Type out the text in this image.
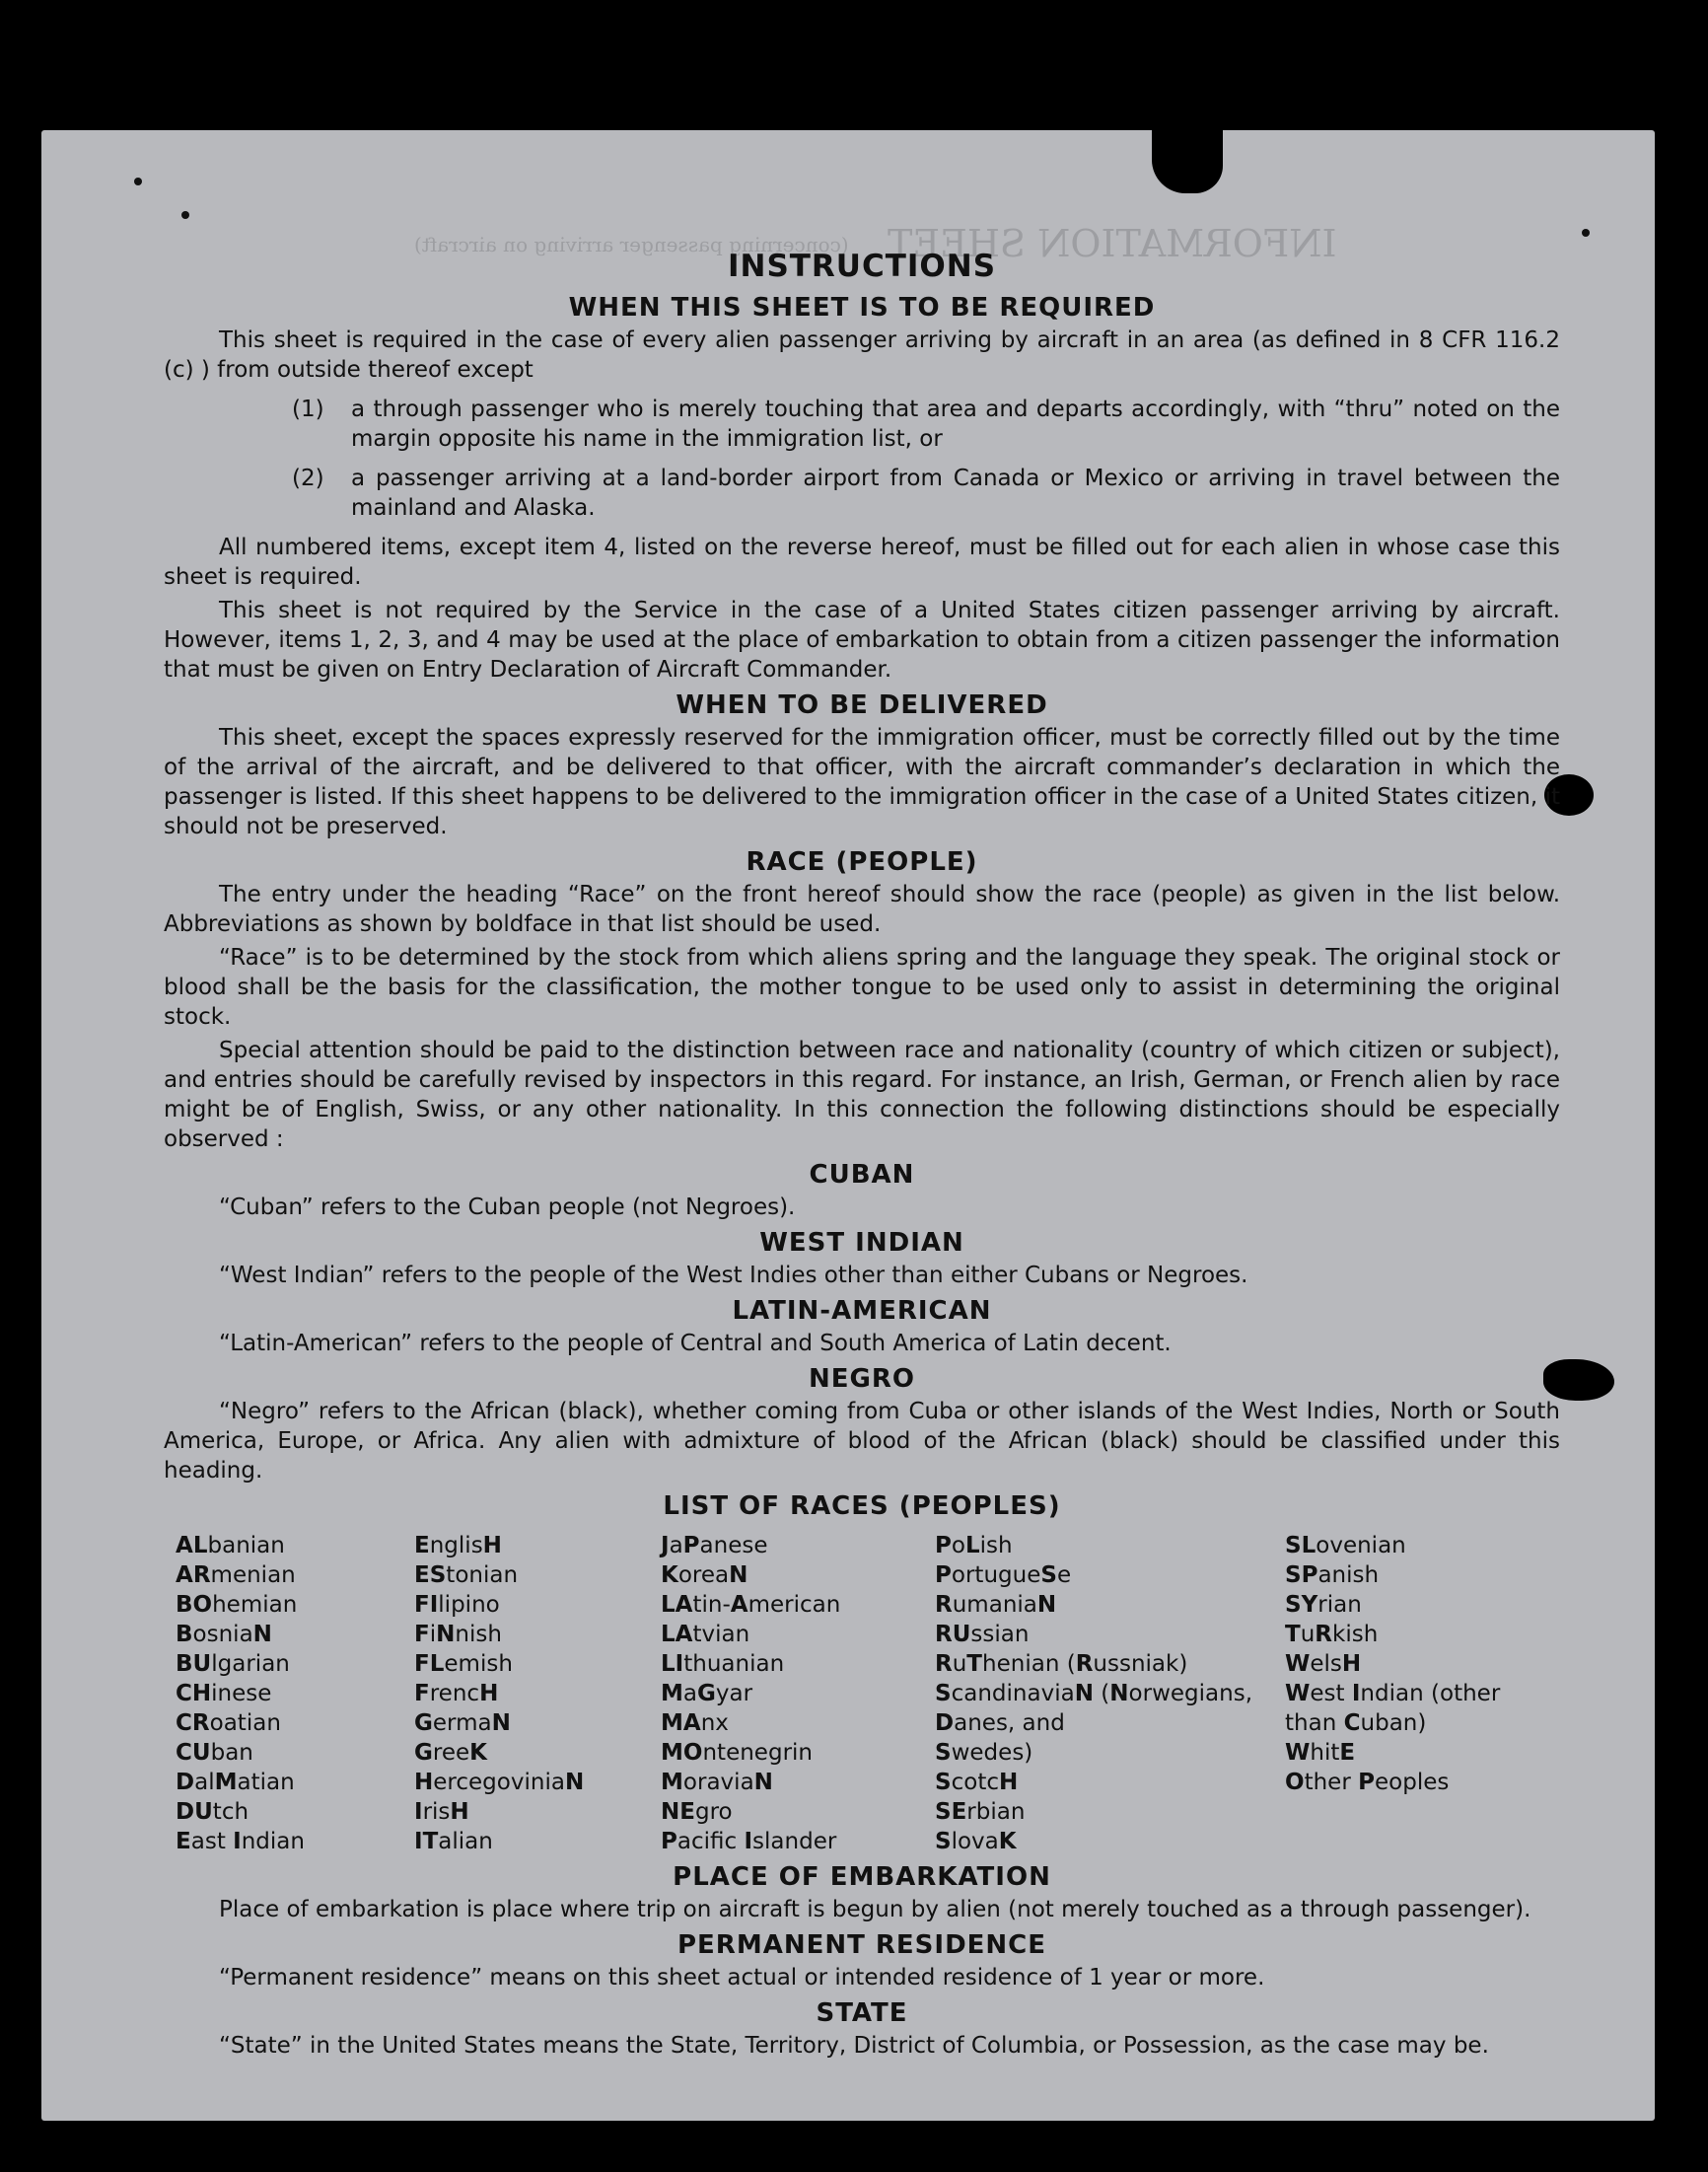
INFORMATION SHEET
(concerning passenger arriving on aircraft)
INSTRUCTIONS
WHEN THIS SHEET IS TO BE REQUIRED

This sheet is required in the case of every alien passenger arriving by aircraft in an area (as defined in 8 CFR 116.2 (c) ) from outside thereof except

(1)	a through passenger who is merely touching that area and departs accordingly, with “thru” noted on the margin opposite his name in the immigration list, or
(2)	a passenger arriving at a land-border airport from Canada or Mexico or arriving in travel between the mainland and Alaska.

All numbered items, except item 4, listed on the reverse hereof, must be filled out for each alien in whose case this sheet is required.

This sheet is not required by the Service in the case of a United States citizen passenger arriving by aircraft. However, items 1, 2, 3, and 4 may be used at the place of embarkation to obtain from a citizen passenger the information that must be given on Entry Declaration of Aircraft Commander.

WHEN TO BE DELIVERED

This sheet, except the spaces expressly reserved for the immigration officer, must be correctly filled out by the time of the arrival of the aircraft, and be delivered to that officer, with the aircraft commander’s declaration in which the passenger is listed. If this sheet happens to be delivered to the immigration officer in the case of a United States citizen, it should not be preserved.

RACE (PEOPLE)

The entry under the heading “Race” on the front hereof should show the race (people) as given in the list below. Abbreviations as shown by boldface in that list should be used.

“Race” is to be determined by the stock from which aliens spring and the language they speak. The original stock or blood shall be the basis for the classification, the mother tongue to be used only to assist in determining the original stock.

Special attention should be paid to the distinction between race and nationality (country of which citizen or subject), and entries should be carefully revised by inspectors in this regard. For instance, an Irish, German, or French alien by race might be of English, Swiss, or any other nationality. In this connection the following distinctions should be especially observed :

CUBAN

“Cuban” refers to the Cuban people (not Negroes).

WEST INDIAN

“West Indian” refers to the people of the West Indies other than either Cubans or Negroes.

LATIN-AMERICAN

“Latin-American” refers to the people of Central and South America of Latin decent.

NEGRO

“Negro” refers to the African (black), whether coming from Cuba or other islands of the West Indies, North or South America, Europe, or Africa. Any alien with admixture of blood of the African (black) should be classified under this heading.

LIST OF RACES (PEOPLES)
ALbanian
ARmenian
BOhemian
BosniaN
BUlgarian
CHinese
CRoatian
CUban
DalMatian
DUtch
East Indian
EnglisH
EStonian
FIlipino
FiNnish
FLemish
FrencH
GermaN
GreeK
HercegoviniaN
IrisH
ITalian
JaPanese
KoreaN
LAtin-American
LAtvian
LIthuanian
MaGyar
MAnx
MOntenegrin
MoraviaN
NEgro
Pacifc Islander
PoLish
PortugueSe
RumaniaN
RUssian
RuThenian (Russniak)
ScandinaviaN (Norwegians,
Danes, and
Swedes)
ScotcH
SErbian
SlovaK
SLovenian
SPanish
SYrian
TuRkish
WelsH
West Indian (other
than Cuban)
WhitE
Other Peoples
PLACE OF EMBARKATION

Place of embarkation is place where trip on aircraft is begun by alien (not merely touched as a through passenger).

PERMANENT RESIDENCE

“Permanent residence” means on this sheet actual or intended residence of 1 year or more.

STATE

“State” in the United States means the State, Territory, District of Columbia, or Possession, as the case may be.
